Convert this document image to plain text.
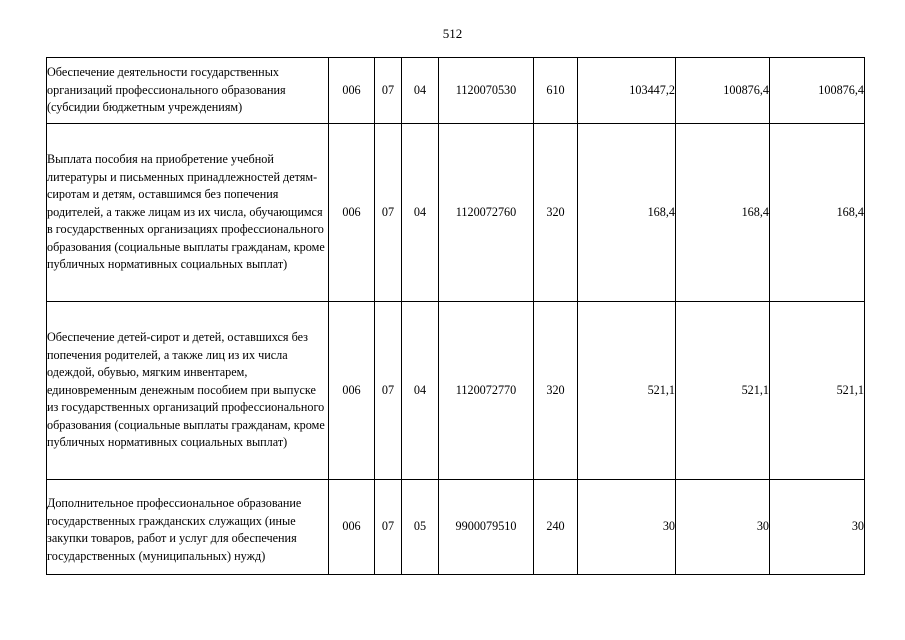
512
Обеспечение деятельности государственных организаций профессионального образования (субсидии бюджетным учреждениям)	006	07	04	1120070530	610	103447,2	100876,4	100876,4
Выплата пособия на приобретение учебной литературы и письменных принадлежностей детям-сиротам и детям, оставшимся без попечения родителей, а также лицам из их числа, обучающимся в государственных организациях профессионального образования (социальные выплаты гражданам, кроме публичных нормативных социальных выплат)	006	07	04	1120072760	320	168,4	168,4	168,4
Обеспечение детей-сирот и детей, оставшихся без попечения родителей, а также лиц из их числа одеждой, обувью, мягким инвентарем, единовременным денежным пособием при выпуске из государственных организаций профессионального образования (социальные выплаты гражданам, кроме публичных нормативных социальных выплат)	006	07	04	1120072770	320	521,1	521,1	521,1
Дополнительное профессиональное образование государственных гражданских служащих (иные закупки товаров, работ и услуг для обеспечения государственных (муниципальных) нужд)	006	07	05	9900079510	240	30	30	30
